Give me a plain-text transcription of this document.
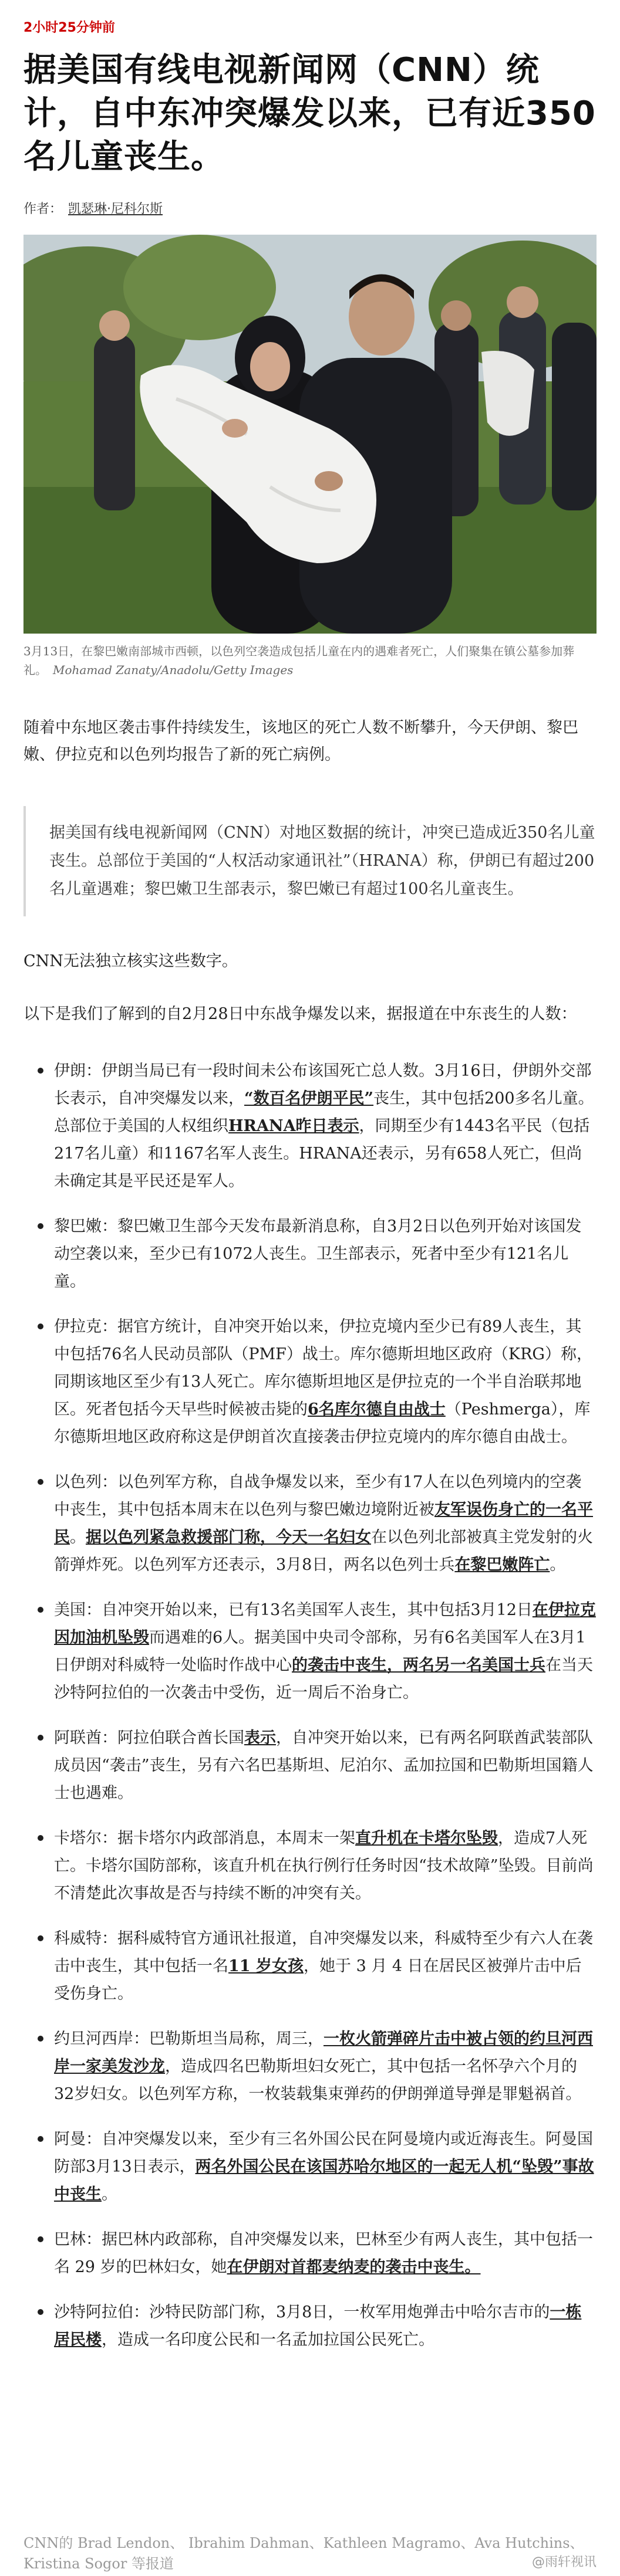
2小时25分钟前
据美国有线电视新闻网（CNN）统计，自中东冲突爆发以来，已有近350名儿童丧生。
作者： 凯瑟琳·尼科尔斯
3月13日，在黎巴嫩南部城市西顿，以色列空袭造成包括儿童在内的遇难者死亡，人们聚集在镇公墓参加葬礼。 Mohamad Zanaty/Anadolu/Getty Images

随着中东地区袭击事件持续发生，该地区的死亡人数不断攀升，今天伊朗、黎巴嫩、伊拉克和以色列均报告了新的死亡病例。

据美国有线电视新闻网（CNN）对地区数据的统计，冲突已造成近350名儿童丧生。总部位于美国的“人权活动家通讯社”（HRANA）称，伊朗已有超过200名儿童遇难；黎巴嫩卫生部表示，黎巴嫩已有超过100名儿童丧生。

CNN无法独立核实这些数字。

以下是我们了解到的自2月28日中东战争爆发以来，据报道在中东丧生的人数：

伊朗：伊朗当局已有一段时间未公布该国死亡总人数。3月16日，伊朗外交部长表示，自冲突爆发以来，“数百名伊朗平民”丧生，其中包括200多名儿童。总部位于美国的人权组织HRANA昨日表示，同期至少有1443名平民（包括217名儿童）和1167名军人丧生。HRANA还表示，另有658人死亡，但尚未确定其是平民还是军人。
黎巴嫩：黎巴嫩卫生部今天发布最新消息称，自3月2日以色列开始对该国发动空袭以来，至少已有1072人丧生。卫生部表示，死者中至少有121名儿童。
伊拉克：据官方统计，自冲突开始以来，伊拉克境内至少已有89人丧生，其中包括76名人民动员部队（PMF）战士。库尔德斯坦地区政府（KRG）称，同期该地区至少有13人死亡。库尔德斯坦地区是伊拉克的一个半自治联邦地区。死者包括今天早些时候被击毙的6名库尔德自由战士（Peshmerga），库尔德斯坦地区政府称这是伊朗首次直接袭击伊拉克境内的库尔德自由战士。
以色列：以色列军方称，自战争爆发以来，至少有17人在以色列境内的空袭中丧生，其中包括本周末在以色列与黎巴嫩边境附近被友军误伤身亡的一名平民。据以色列紧急救援部门称，今天一名妇女在以色列北部被真主党发射的火箭弹炸死。以色列军方还表示，3月8日，两名以色列士兵在黎巴嫩阵亡。
美国：自冲突开始以来，已有13名美国军人丧生，其中包括3月12日在伊拉克因加油机坠毁而遇难的6人。据美国中央司令部称，另有6名美国军人在3月1日伊朗对科威特一处临时作战中心的袭击中丧生，两名另一名美国士兵在当天沙特阿拉伯的一次袭击中受伤，近一周后不治身亡。
阿联酋：阿拉伯联合酋长国表示，自冲突开始以来，已有两名阿联酋武装部队成员因“袭击”丧生，另有六名巴基斯坦、尼泊尔、孟加拉国和巴勒斯坦国籍人士也遇难。
卡塔尔：据卡塔尔内政部消息，本周末一架直升机在卡塔尔坠毁，造成7人死亡。卡塔尔国防部称，该直升机在执行例行任务时因“技术故障”坠毁。目前尚不清楚此次事故是否与持续不断的冲突有关。
科威特：据科威特官方通讯社报道，自冲突爆发以来，科威特至少有六人在袭击中丧生，其中包括一名11 岁女孩，她于 3 月 4 日在居民区被弹片击中后受伤身亡。
约旦河西岸：巴勒斯坦当局称，周三，一枚火箭弹碎片击中被占领的约旦河西岸一家美发沙龙，造成四名巴勒斯坦妇女死亡，其中包括一名怀孕六个月的32岁妇女。以色列军方称，一枚装载集束弹药的伊朗弹道导弹是罪魁祸首。
阿曼：自冲突爆发以来，至少有三名外国公民在阿曼境内或近海丧生。阿曼国防部3月13日表示，两名外国公民在该国苏哈尔地区的一起无人机“坠毁”事故中丧生。
巴林：据巴林内政部称，自冲突爆发以来，巴林至少有两人丧生，其中包括一名 29 岁的巴林妇女，她在伊朗对首都麦纳麦的袭击中丧生。
沙特阿拉伯：沙特民防部门称，3月8日，一枚军用炮弹击中哈尔吉市的一栋居民楼，造成一名印度公民和一名孟加拉国公民死亡。
CNN的 Brad Lendon、 Ibrahim Dahman、Kathleen Magramo、Ava Hutchins、Kristina Sogor 等报道	@雨轩视讯
